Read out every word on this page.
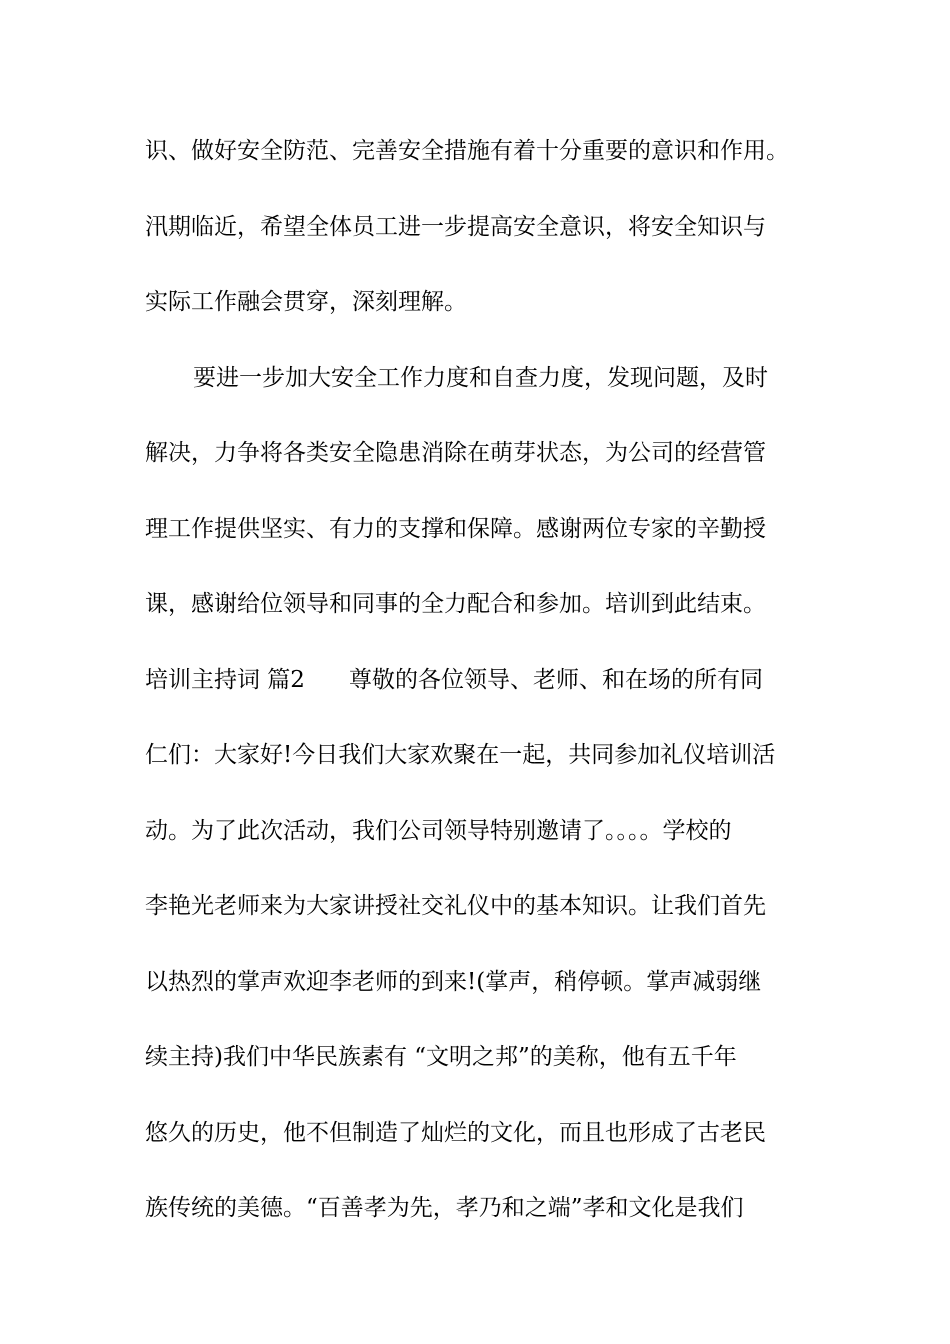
识、做好安全防范、完善安全措施有着十分重要的意识和作用。
汛期临近，希望全体员工进一步提高安全意识，将安全知识与
实际工作融会贯穿，深刻理解。
要进一步加大安全工作力度和自查力度，发现问题，及时
解决，力争将各类安全隐患消除在萌芽状态，为公司的经营管
理工作提供坚实、有力的支撑和保障。感谢两位专家的辛勤授
课，感谢给位领导和同事的全力配合和参加。培训到此结束。
培训主持词 篇2 尊敬的各位领导、老师、和在场的所有同
仁们：大家好!今日我们大家欢聚在一起，共同参加礼仪培训活
动。为了此次活动，我们公司领导特别邀请了。。。。学校的
李艳光老师来为大家讲授社交礼仪中的基本知识。让我们首先
以热烈的掌声欢迎李老师的到来!(掌声，稍停顿。掌声减弱继
续主持)我们中华民族素有 “文明之邦”的美称，他有五千年
悠久的历史，他不但制造了灿烂的文化，而且也形成了古老民
族传统的美德。“百善孝为先，孝乃和之端”孝和文化是我们
